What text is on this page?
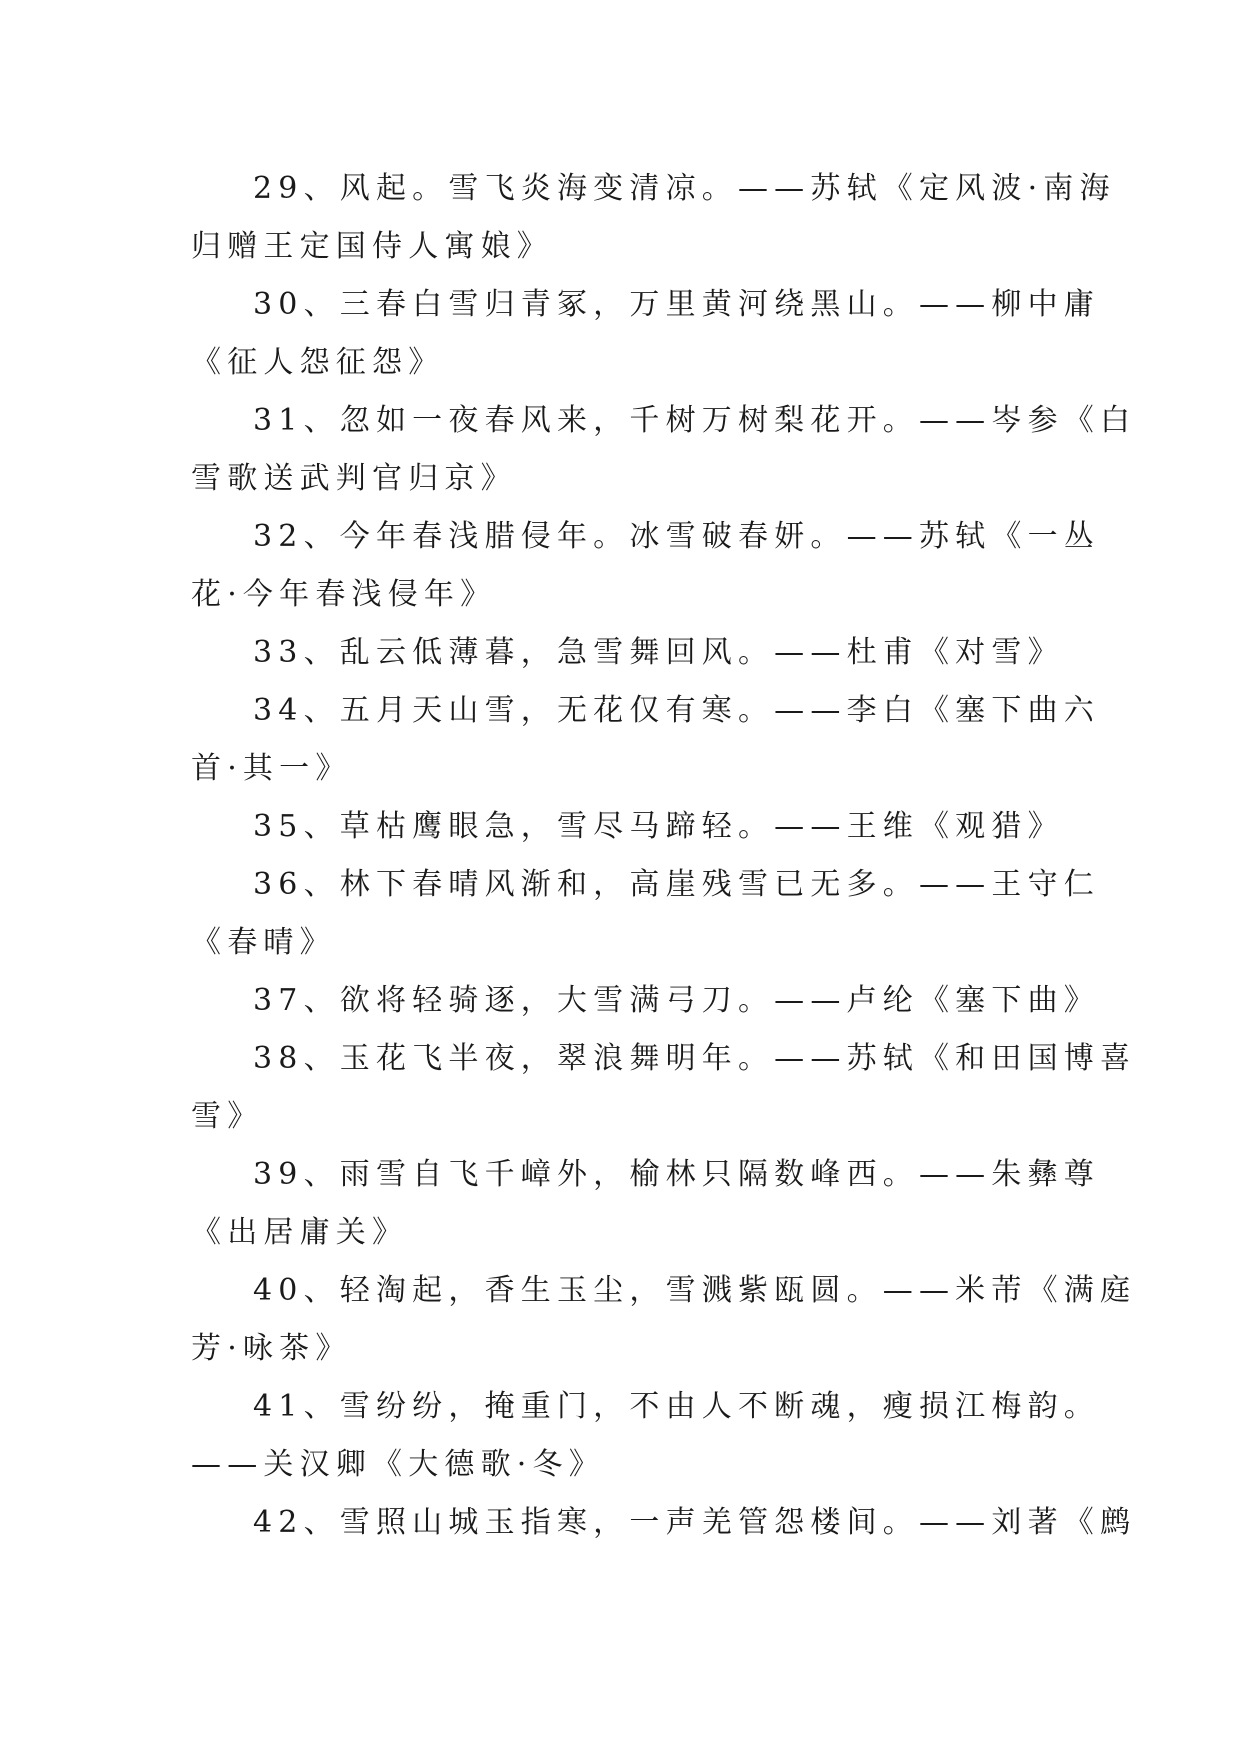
29、风起。雪飞炎海变清凉。——苏轼《定风波·南海
归赠王定国侍人寓娘》
30、三春白雪归青冢，万里黄河绕黑山。——柳中庸
《征人怨征怨》
31、忽如一夜春风来，千树万树梨花开。——岑参《白
雪歌送武判官归京》
32、今年春浅腊侵年。冰雪破春妍。——苏轼《一丛
花·今年春浅侵年》
33、乱云低薄暮，急雪舞回风。——杜甫《对雪》
34、五月天山雪，无花仅有寒。——李白《塞下曲六
首·其一》
35、草枯鹰眼急，雪尽马蹄轻。——王维《观猎》
36、林下春晴风渐和，高崖残雪已无多。——王守仁
《春晴》
37、欲将轻骑逐，大雪满弓刀。——卢纶《塞下曲》
38、玉花飞半夜，翠浪舞明年。——苏轼《和田国博喜
雪》
39、雨雪自飞千嶂外，榆林只隔数峰西。——朱彝尊
《出居庸关》
40、轻淘起，香生玉尘，雪溅紫瓯圆。——米芾《满庭
芳·咏茶》
41、雪纷纷，掩重门，不由人不断魂，瘦损江梅韵。
——关汉卿《大德歌·冬》
42、雪照山城玉指寒，一声羌管怨楼间。——刘著《鹧
